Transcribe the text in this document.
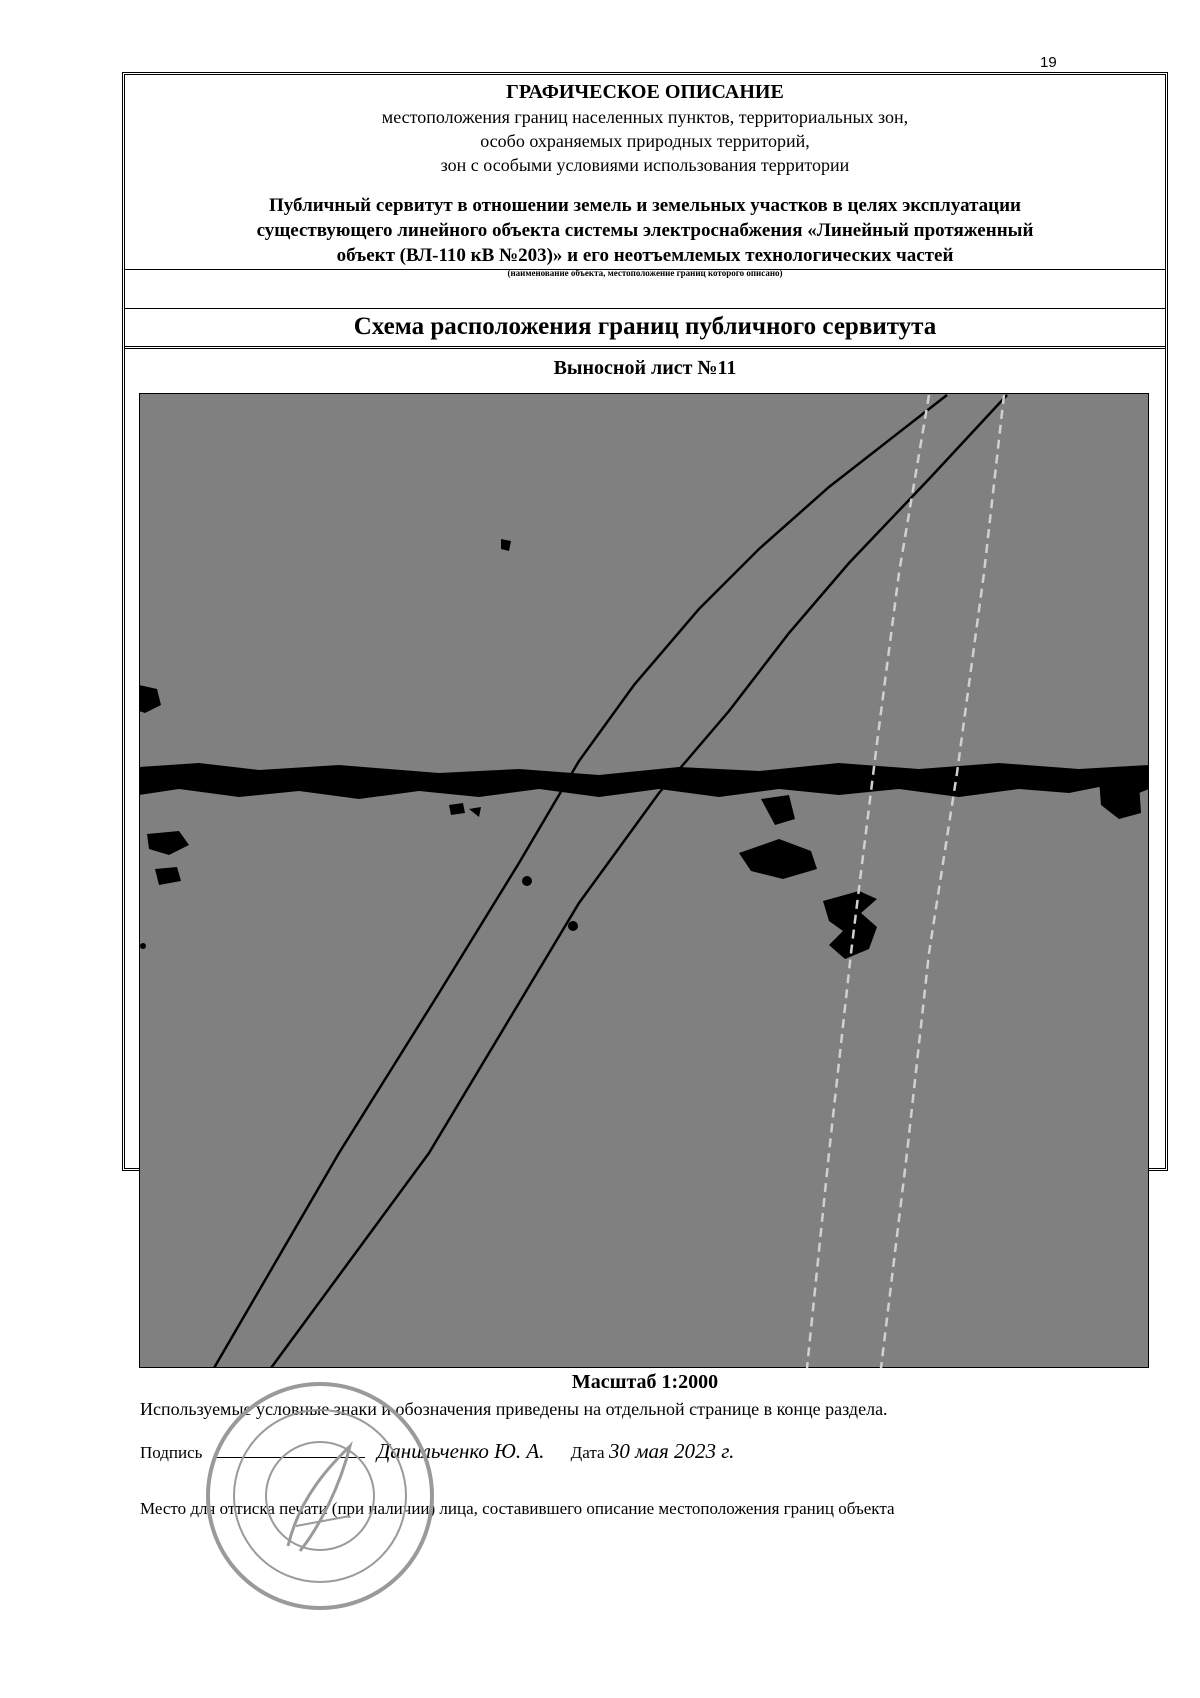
19
ГРАФИЧЕСКОЕ ОПИСАНИЕ
местоположения границ населенных пунктов, территориальных зон,
особо охраняемых природных территорий,
зон с особыми условиями использования территории
Публичный сервитут в отношении земель и земельных участков в целях эксплуатации
существующего линейного объекта системы электроснабжения «Линейный протяженный
объект (ВЛ-110 кВ №203)» и его неотъемлемых технологических частей
(наименование объекта, местоположение границ которого описано)
Схема расположения границ публичного сервитута
Выносной лист №11
Масштаб 1:2000
Используемые условные знаки и обозначения приведены на отдельной странице в конце раздела.
Подпись	Данильченко Ю. А. Дата 30 мая 2023 г.
Место для оттиска печати (при наличии) лица, составившего описание местоположения границ объекта
